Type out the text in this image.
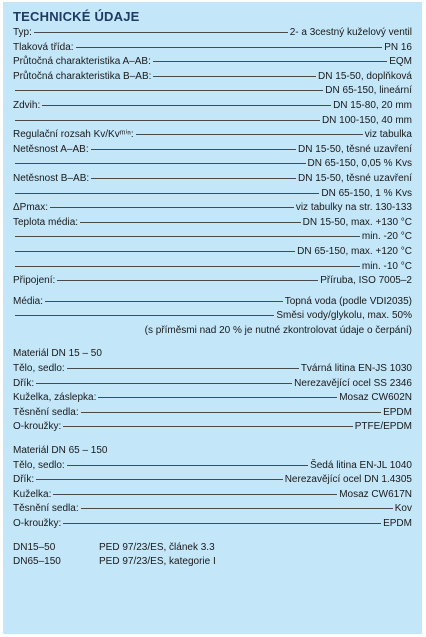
TECHNICKÉ ÚDAJE
Typ:	2- a 3cestný kuželový ventil
Tlaková třída:	PN 16
Průtočná charakteristika A–AB:	EQM
Průtočná charakteristika B–AB:	DN 15-50, doplňková
DN 65-150, lineární
Zdvih:	DN 15-80, 20 mm
DN 100-150, 40 mm
Regulační rozsah Kv/Kvᵐⁱⁿ:	viz tabulka
Netěsnost A–AB:	DN 15-50, těsné uzavření
DN 65-150, 0,05 % Kvs
Netěsnost B–AB:	DN 15-50, těsné uzavření
DN 65-150, 1 % Kvs
ΔPmax:	viz tabulky na str. 130-133
Teplota média:	DN 15-50, max. +130 °C
min. -20 °C
DN 65-150, max. +120 °C
min. -10 °C
Připojení:	Příruba, ISO 7005–2
Média:	Topná voda (podle VDI2035)
Směsi vody/glykolu, max. 50%
(s příměsmi nad 20 % je nutné zkontrolovat údaje o čerpání)
Materiál DN 15 – 50
Tělo, sedlo:	Tvárná litina EN-JS 1030
Dřík:	Nerezavějící ocel SS 2346
Kuželka, záslepka:	Mosaz CW602N
Těsnění sedla:	EPDM
O-kroužky:	PTFE/EPDM
Materiál DN 65 – 150
Tělo, sedlo:	Šedá litina EN-JL 1040
Dřík:	Nerezavějící ocel DN 1.4305
Kuželka:	Mosaz CW617N
Těsnění sedla:	Kov
O-kroužky:	EPDM
DN15–50	PED 97/23/ES, článek 3.3
DN65–150	PED 97/23/ES, kategorie I
